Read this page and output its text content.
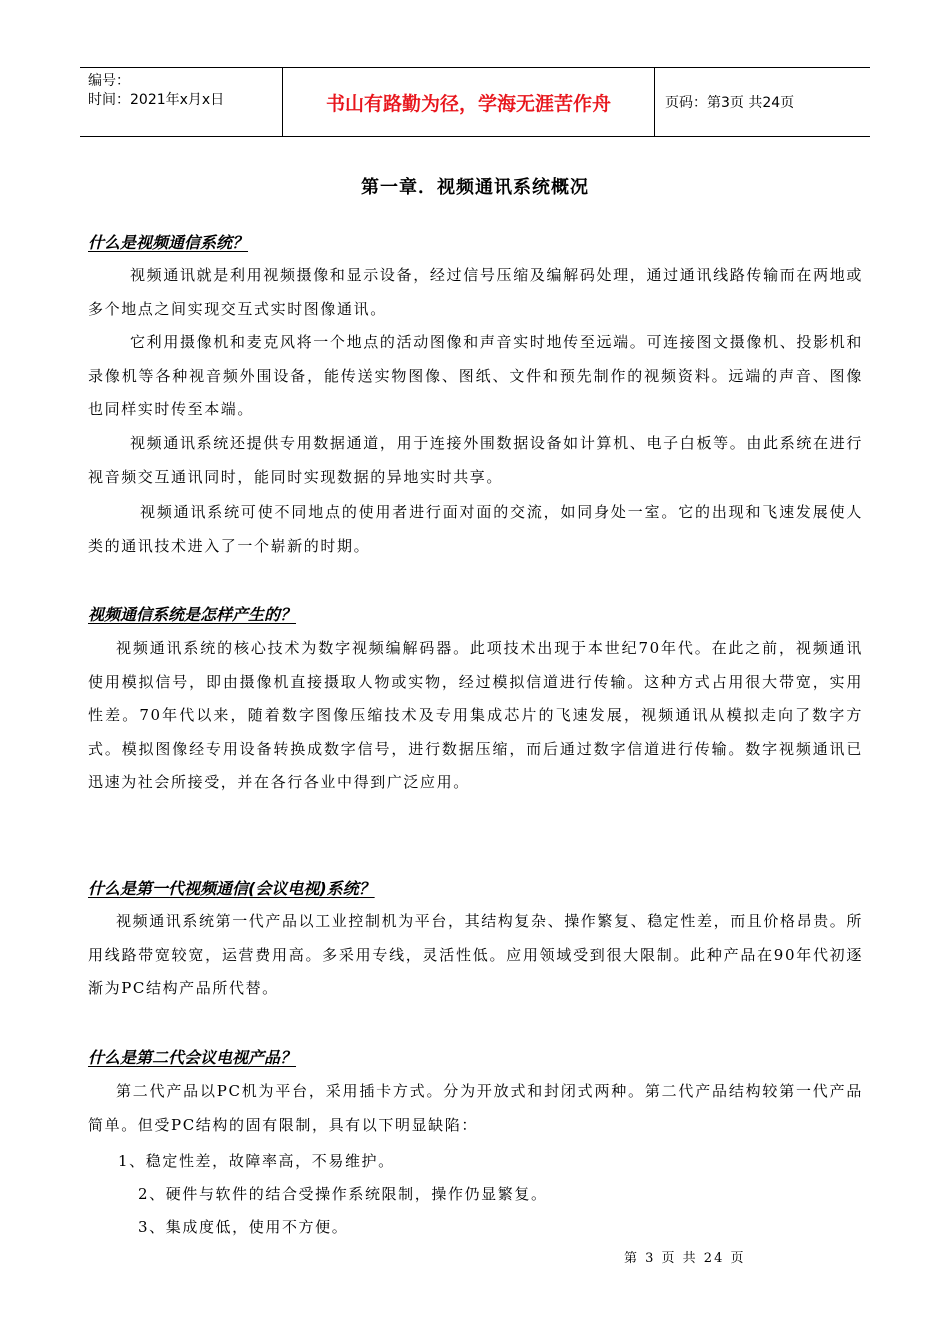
编号：
时间：2021年x月x日	书山有路勤为径，学海无涯苦作舟	页码：第3页 共24页
第一章．视频通讯系统概况
什么是视频通信系统？
视频通讯就是利用视频摄像和显示设备，经过信号压缩及编解码处理，通过通讯线路传输而在两地或多个地点之间实现交互式实时图像通讯。
它利用摄像机和麦克风将一个地点的活动图像和声音实时地传至远端。可连接图文摄像机、投影机和录像机等各种视音频外围设备，能传送实物图像、图纸、文件和预先制作的视频资料。远端的声音、图像也同样实时传至本端。
视频通讯系统还提供专用数据通道，用于连接外围数据设备如计算机、电子白板等。由此系统在进行视音频交互通讯同时，能同时实现数据的异地实时共享。
视频通讯系统可使不同地点的使用者进行面对面的交流，如同身处一室。它的出现和飞速发展使人类的通讯技术进入了一个崭新的时期。
视频通信系统是怎样产生的？
视频通讯系统的核心技术为数字视频编解码器。此项技术出现于本世纪70年代。在此之前，视频通讯使用模拟信号，即由摄像机直接摄取人物或实物，经过模拟信道进行传输。这种方式占用很大带宽，实用性差。70年代以来，随着数字图像压缩技术及专用集成芯片的飞速发展，视频通讯从模拟走向了数字方式。模拟图像经专用设备转换成数字信号，进行数据压缩，而后通过数字信道进行传输。数字视频通讯已迅速为社会所接受，并在各行各业中得到广泛应用。
什么是第一代视频通信(会议电视)系统？
视频通讯系统第一代产品以工业控制机为平台，其结构复杂、操作繁复、稳定性差，而且价格昂贵。所用线路带宽较宽，运营费用高。多采用专线，灵活性低。应用领域受到很大限制。此种产品在90年代初逐渐为PC结构产品所代替。
什么是第二代会议电视产品？
第二代产品以PC机为平台，采用插卡方式。分为开放式和封闭式两种。第二代产品结构较第一代产品简单。但受PC结构的固有限制，具有以下明显缺陷：
1、稳定性差，故障率高，不易维护。
2、硬件与软件的结合受操作系统限制，操作仍显繁复。
3、集成度低，使用不方便。
第 3 页 共 24 页
